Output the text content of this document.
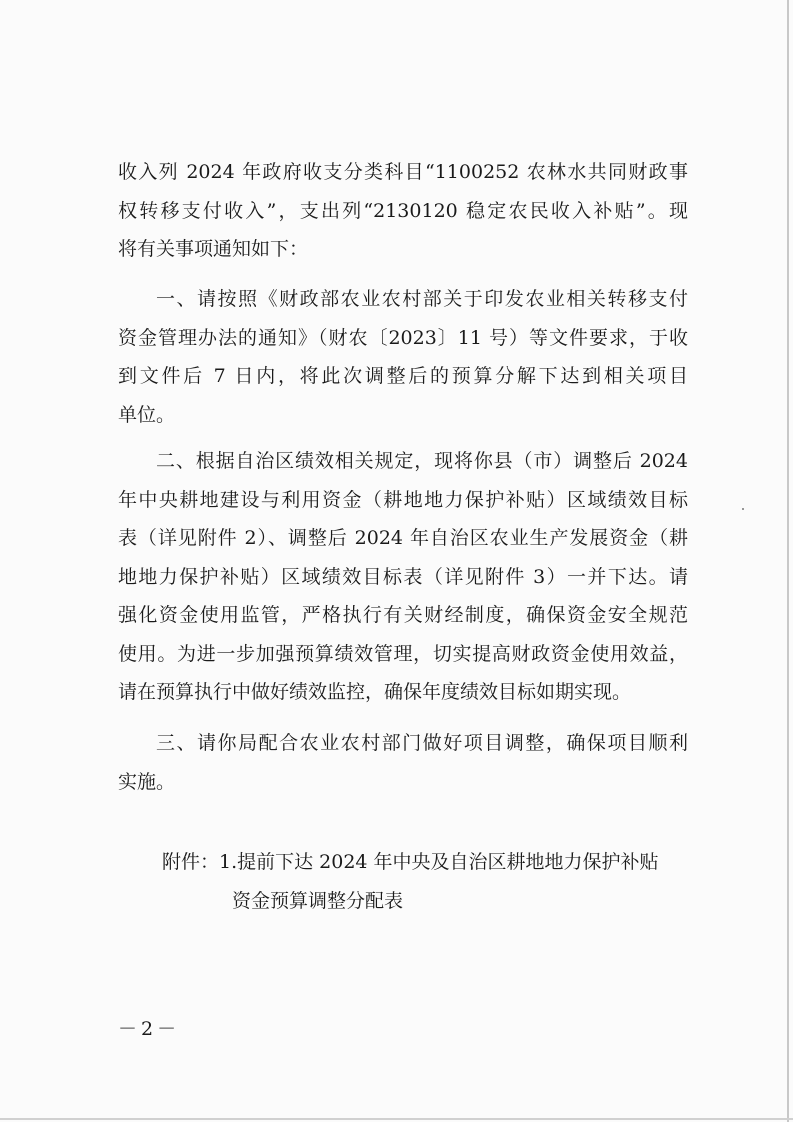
收入列 2024 年政府收支分类科目“1100252 农林水共同财政事
权转移支付收入”，支出列“2130120 稳定农民收入补贴”。现
将有关事项通知如下：
一、请按照《财政部农业农村部关于印发农业相关转移支付
资金管理办法的通知》（财农〔2023〕11 号）等文件要求，于收
到文件后 7 日内，将此次调整后的预算分解下达到相关项目
单位。
二、根据自治区绩效相关规定，现将你县（市）调整后 2024
年中央耕地建设与利用资金（耕地地力保护补贴）区域绩效目标
表（详见附件 2）、调整后 2024 年自治区农业生产发展资金（耕
地地力保护补贴）区域绩效目标表（详见附件 3）一并下达。请
强化资金使用监管，严格执行有关财经制度，确保资金安全规范
使用。为进一步加强预算绩效管理，切实提高财政资金使用效益，
请在预算执行中做好绩效监控，确保年度绩效目标如期实现。
三、请你局配合农业农村部门做好项目调整，确保项目顺利
实施。
附件：1.提前下达 2024 年中央及自治区耕地地力保护补贴
资金预算调整分配表
－2－
